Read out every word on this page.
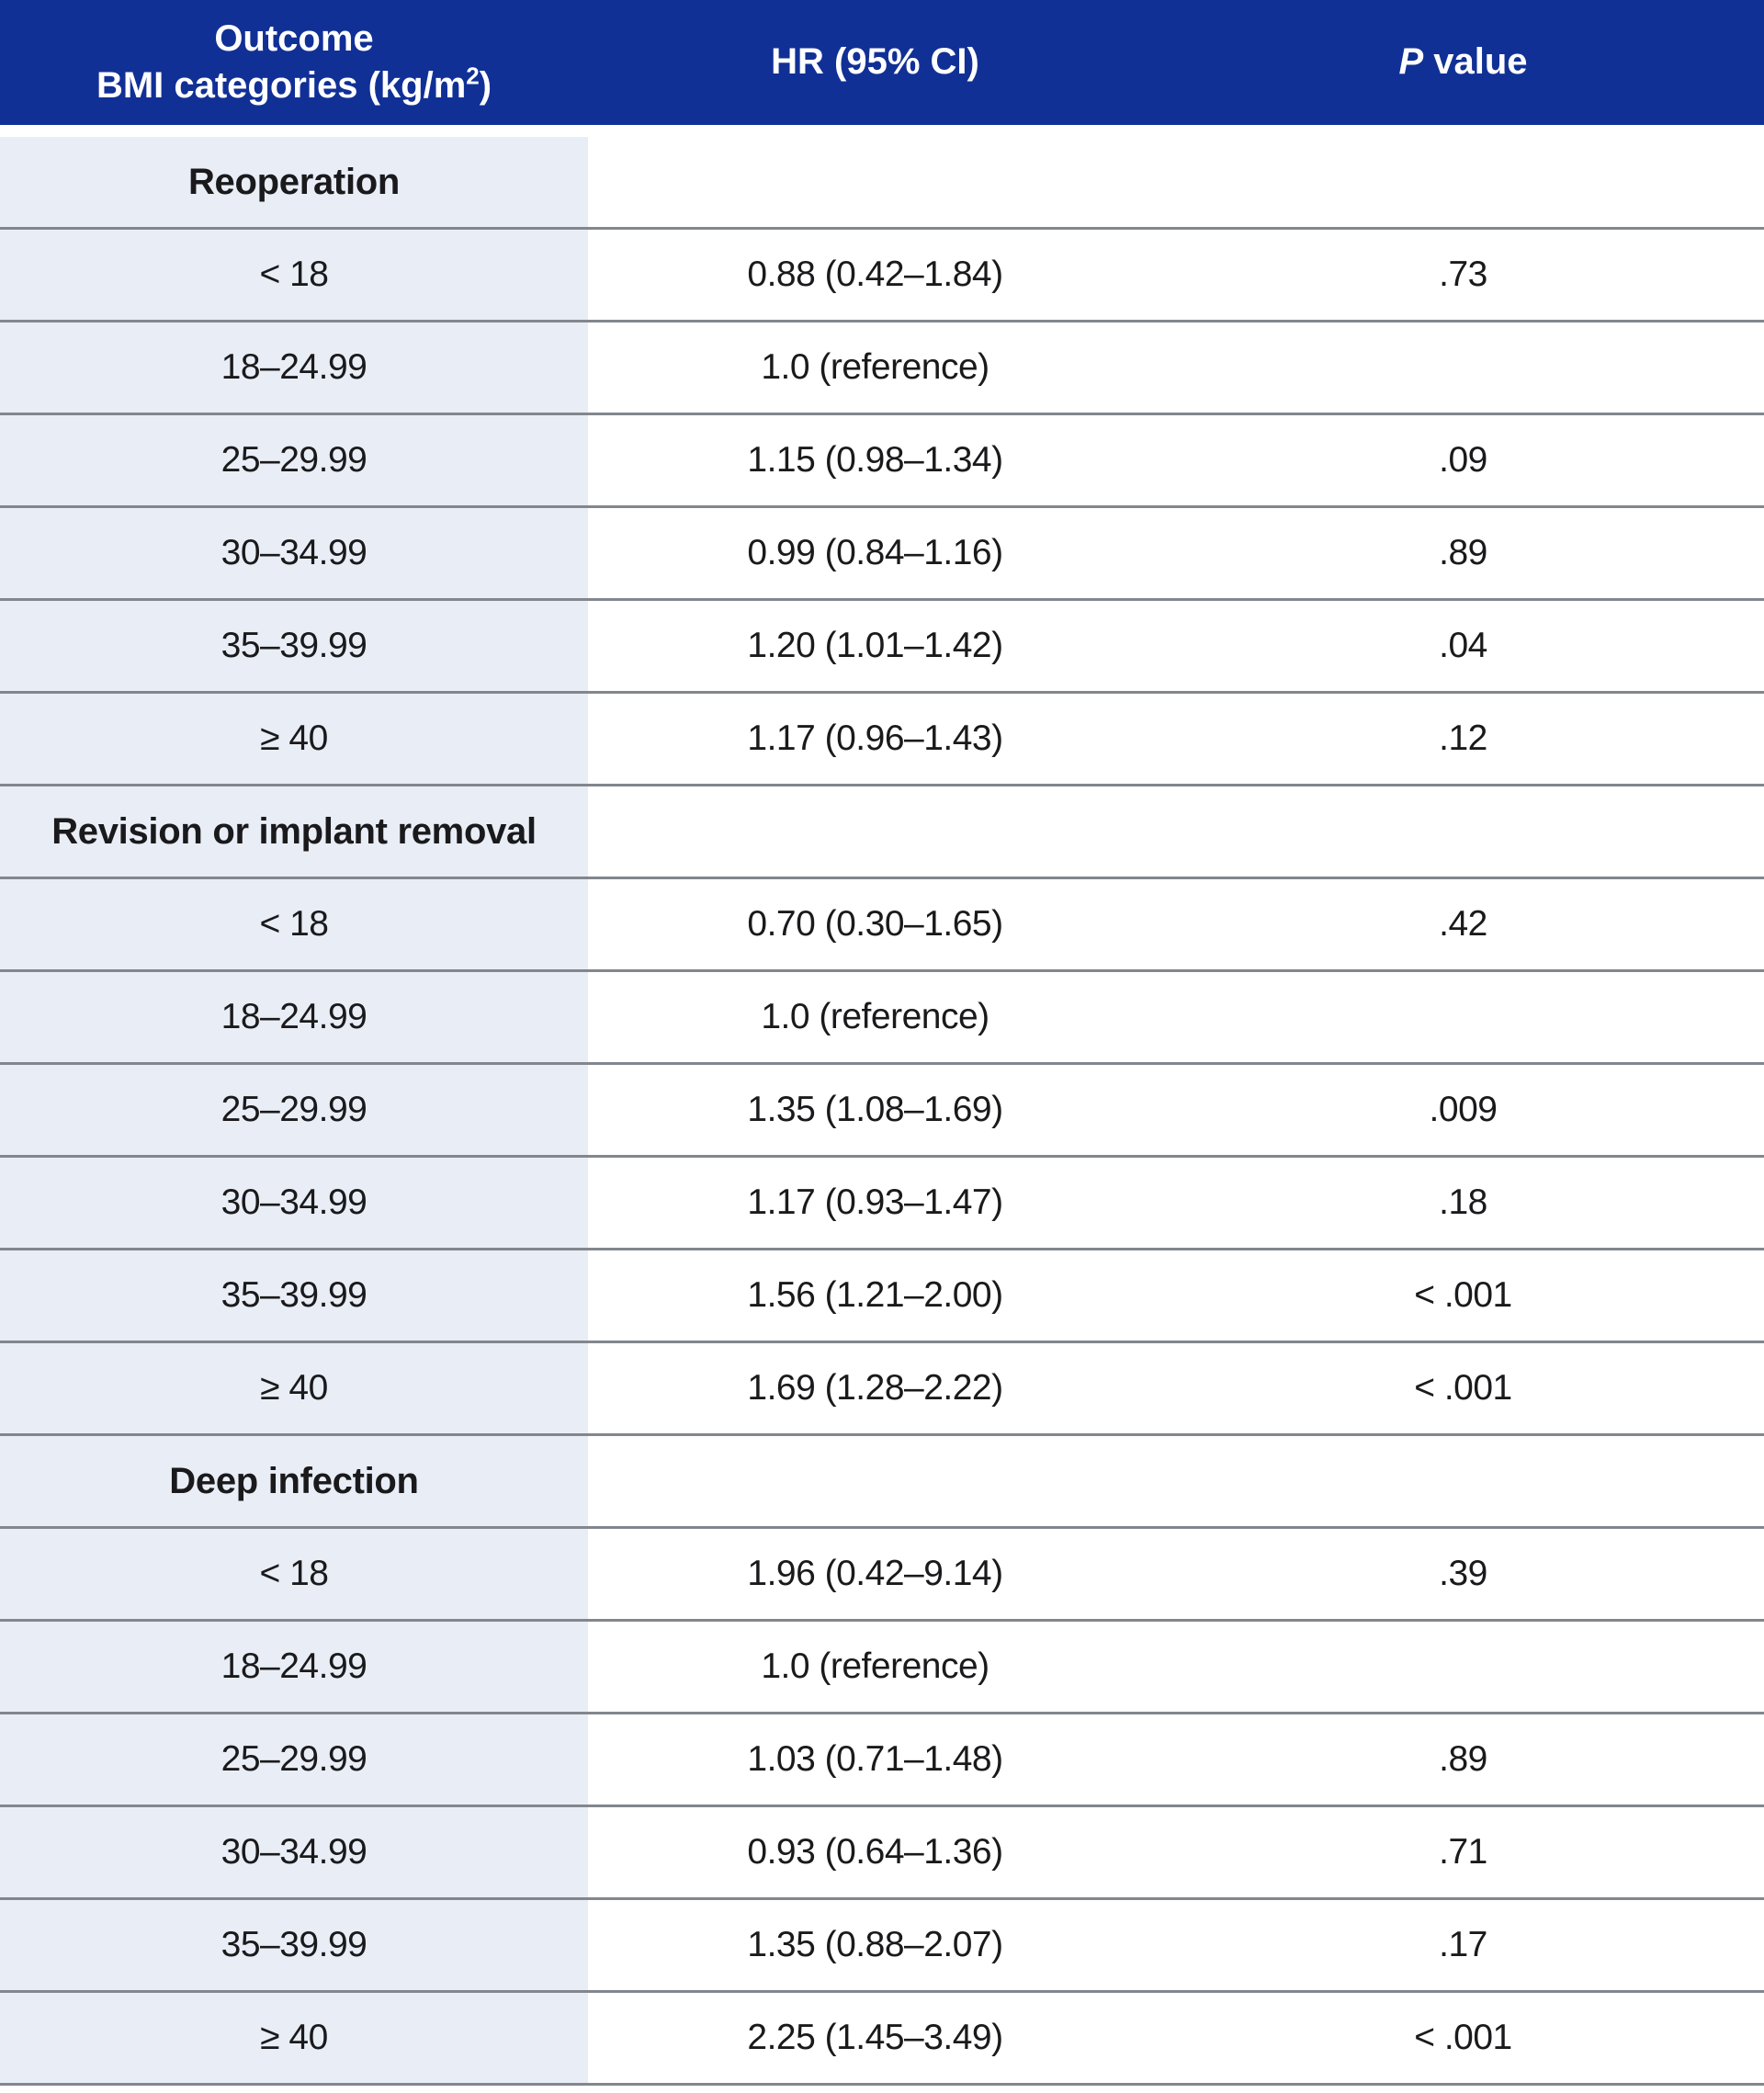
Outcome
BMI categories $(kg/m^2)$
HR (95% CI)	P value
Reoperation
< 18	0.88 (0.42–1.84)	.73
18–24.99	1.0 (reference)
25–29.99	1.15 (0.98–1.34)	.09
30–34.99	0.99 (0.84–1.16)	.89
35–39.99	1.20 (1.01–1.42)	.04
≥ 40	1.17 (0.96–1.43)	.12
Revision or implant removal
< 18	0.70 (0.30–1.65)	.42
18–24.99	1.0 (reference)
25–29.99	1.35 (1.08–1.69)	.009
30–34.99	1.17 (0.93–1.47)	.18
35–39.99	1.56 (1.21–2.00)	< .001
≥ 40	1.69 (1.28–2.22)	< .001
Deep infection
< 18	1.96 (0.42–9.14)	.39
18–24.99	1.0 (reference)
25–29.99	1.03 (0.71–1.48)	.89
30–34.99	0.93 (0.64–1.36)	.71
35–39.99	1.35 (0.88–2.07)	.17
≥ 40	2.25 (1.45–3.49)	< .001
